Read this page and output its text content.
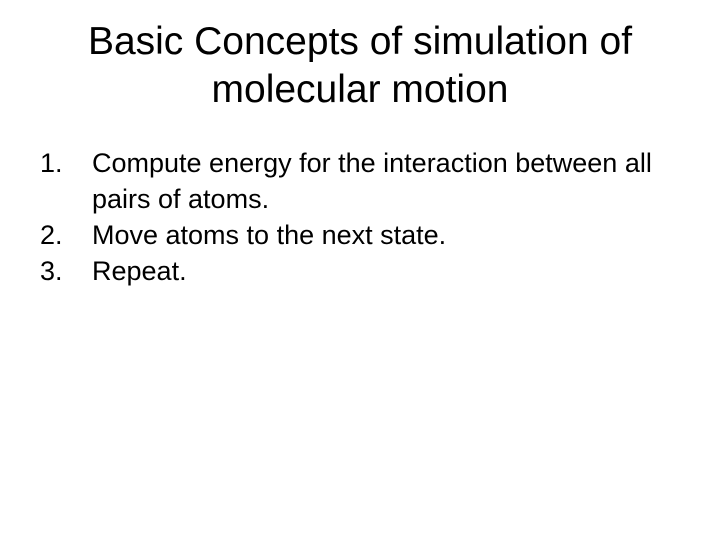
Basic Concepts of simulation of
molecular motion
1.	Compute energy for the interaction between all pairs of atoms.
2.	Move atoms to the next state.
3.	Repeat.
